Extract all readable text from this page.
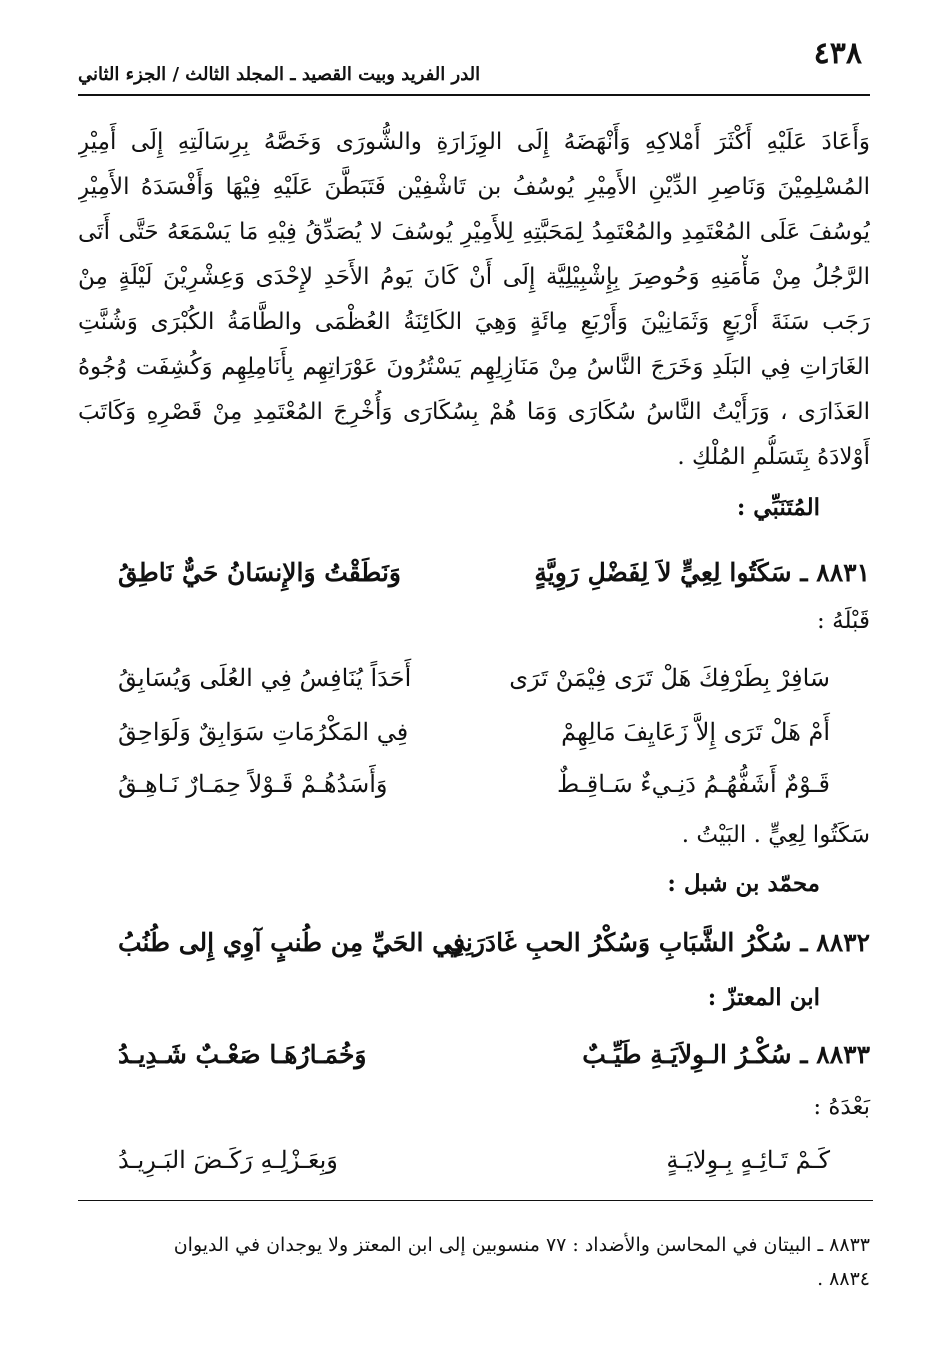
٤٣٨
الدر الفريد وبيت القصيد ـ المجلد الثالث / الجزء الثاني
وَأَعَادَ عَلَيْهِ أَكْثَرَ أَمْلاكِهِ وَأَنْهَضَهُ إِلَى الوِزَارَةِ والشُّورَى وَخَصَّهُ بِرِسَالَتِهِ إِلَى أَمِيْرِ
المُسْلِمِيْنَ وَنَاصِرِ الدِّيْنِ الأَمِيْرِ يُوسُفُ بن تَاشْفِيْن فَتَبَطَّنَ عَلَيْهِ فِيْهَا وَأَفْسَدَهُ الأَمِيْرِ
يُوسُفَ عَلَى المُعْتَمِدِ والمُعْتَمِدُ لِمَحَبَّتِهِ لِلأَمِيْرِ يُوسُفَ لا يُصَدِّقُ فِيْهِ مَا يَسْمَعَهُ حَتَّى أَتَى
الرَّجُلُ مِنْ مَأْمَنِهِ وَحُوصِرَ بِإِشْبِيْلِيَّة إِلَى أَنْ كَانَ يَومُ الأَحَدِ لإِحْدَى وَعِشْرِيْنَ لَيْلَةٍ مِنْ
رَجَب سَنَةَ أَرْبَعٍ وَثَمَانِيْنَ وَأَرْبَعِ مِائَةٍ وَهِيَ الكَائِنَةُ العُظْمَى والطَّامَةُ الكُبْرَى وَشُنَّتِ
الغَارَاتِ فِي البَلَدِ وَخَرَجَ النَّاسُ مِنْ مَنَازِلِهِم يَسْتُرُونَ عَوْرَاتِهِم بِأَنَامِلِهِم وَكُشِفَت وُجُوهُ
العَذَارَى ، وَرَأَيْتُ النَّاسُ سُكَارَى وَمَا هُمْ بِسُكَارَى وَأُخْرِجَ المُعْتَمِدِ مِنْ قَصْرِهِ وَكَاتَبَ
أَوْلادَهُ بِتَسَلُّمِ المُلْكِ .
المُتَنَبِّي :
٨٨٣١ ـ سَكَتُوا لِعِيٍّ لاَ لِفَضْلِ رَوِيَّةٍ
وَنَطَقْتُ وَالإِنسَانُ حَيٌّ نَاطِقُ
قَبْلَهُ :
سَافِرْ بِطَرْفِكَ هَلْ تَرَى فِيْمَنْ تَرَى
أَحَدَاً يُنَافِسُ فِي العُلَى وَيُسَابِقُ
أَمْ هَلْ تَرَى إِلاَّ زَعَايِفَ مَالِهِمْ
فِي المَكْرُمَاتِ سَوَابِقٌ وَلَوَاحِقُ
قَـوْمٌ أَشَفُّهُـمُ دَنِـيءٌ سَـاقِـطٌ
وَأَسَدُهُـمْ قَـوْلاً حِمَـارٌ نَـاهِـقُ
سَكَتُوا لِعِيٍّ . البَيْتُ .
محمّد بن شبل :
٨٨٣٢ ـ سُكْرُ الشَّبَابِ وَسُكْرُ الحبِ غَادَرَنِي
فِي الحَيِّ مِن طُنبٍ آوِي إِلى طُنُبُ
ابن المعتزّ :
٨٨٣٣ ـ سُكْـرُ الـوِلاَيَـةِ طَيِّـبٌ
وَخُمَـارُهَـا صَعْـبٌ شَـدِيـدُ
بَعْدَهُ :
كَـمْ تَـائِـهٍ بِـوِلايَـةٍ
وَبِعَـزْلِـهِ رَكَـضَ البَـرِيـدُ
٨٨٣٣ ـ البيتان في المحاسن والأضداد : ٧٧ منسوبين إلى ابن المعتز ولا يوجدان في الديوان
٨٨٣٤ .
